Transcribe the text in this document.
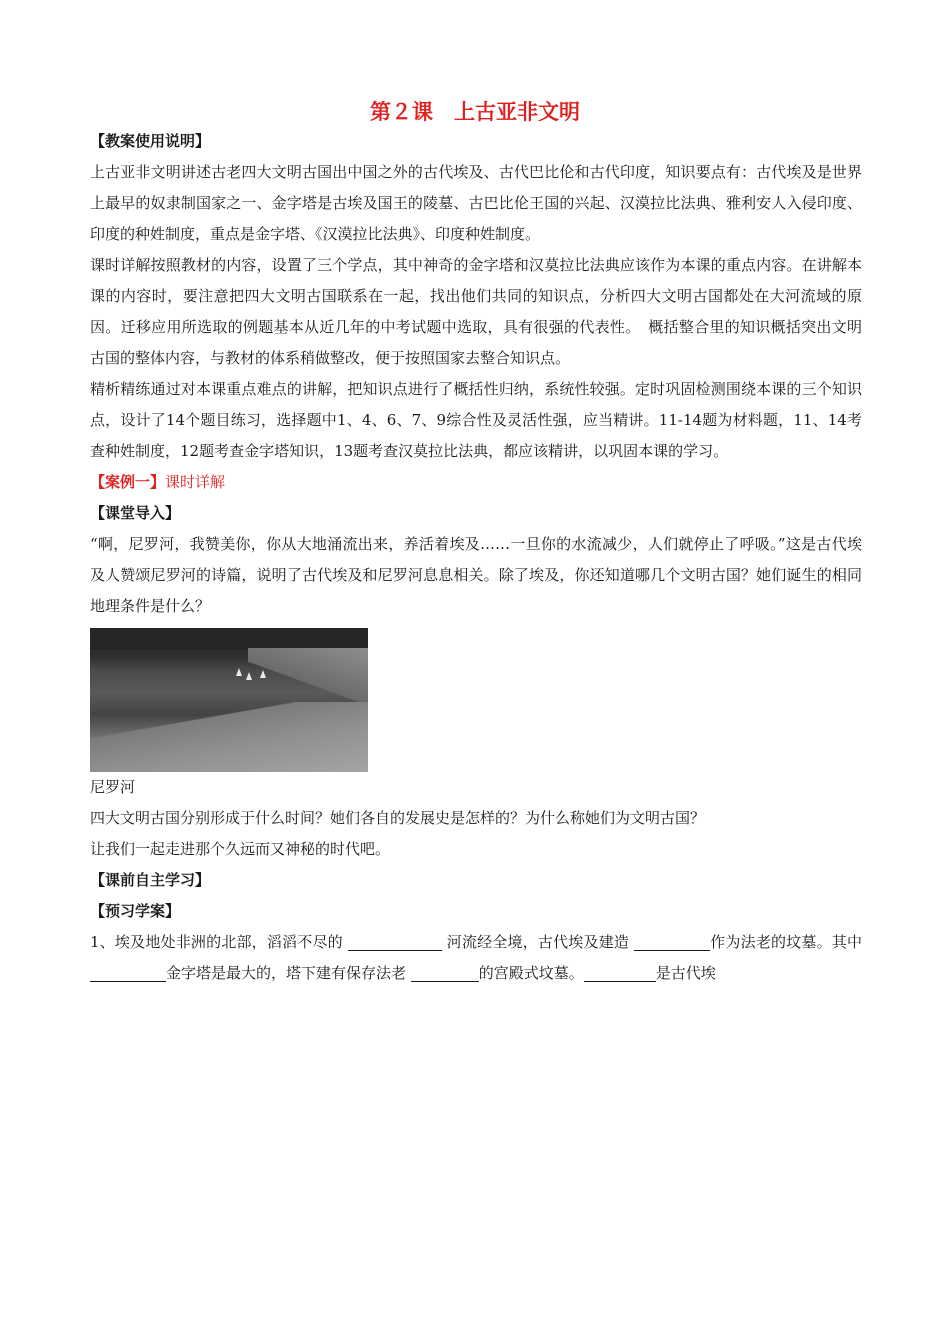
第２课　上古亚非文明

【教案使用说明】

上古亚非文明讲述古老四大文明古国出中国之外的古代埃及、古代巴比伦和古代印度，知识要点有：古代埃及是世界上最早的奴隶制国家之一、金字塔是古埃及国王的陵墓、古巴比伦王国的兴起、汉漠拉比法典、雅利安人入侵印度、印度的种姓制度，重点是金字塔、《汉漠拉比法典》、印度种姓制度。

课时详解按照教材的内容，设置了三个学点，其中神奇的金字塔和汉莫拉比法典应该作为本课的重点内容。在讲解本课的内容时，要注意把四大文明古国联系在一起，找出他们共同的知识点，分析四大文明古国都处在大河流域的原因。迁移应用所选取的例题基本从近几年的中考试题中选取，具有很强的代表性。　概括整合里的知识概括突出文明古国的整体内容，与教材的体系稍做整改，便于按照国家去整合知识点。

精析精练通过对本课重点难点的讲解，把知识点进行了概括性归纳，系统性较强。定时巩固检测围绕本课的三个知识点，设计了14个题目练习，选择题中1、4、6、7、9综合性及灵活性强，应当精讲。11-14题为材料题，11、14考查种姓制度，12题考查金字塔知识，13题考查汉莫拉比法典，都应该精讲，以巩固本课的学习。

【案例一】课时详解

【课堂导入】

“啊，尼罗河，我赞美你，你从大地涌流出来，养活着埃及……一旦你的水流减少，人们就停止了呼吸。”这是古代埃及人赞颂尼罗河的诗篇，说明了古代埃及和尼罗河息息相关。除了埃及，你还知道哪几个文明古国？她们诞生的相同地理条件是什么？

尼罗河

四大文明古国分别形成于什么时间？她们各自的发展史是怎样的？为什么称她们为文明古国？

让我们一起走进那个久远而又神秘的时代吧。

【课前自主学习】

【预习学案】

1、埃及地处非洲的北部，滔滔不尽的	河流经全境，古代埃及建造	作为法老的坟墓。其中金字塔是最大的，塔下建有保存法老	的宫殿式坟墓。	是古代埃
